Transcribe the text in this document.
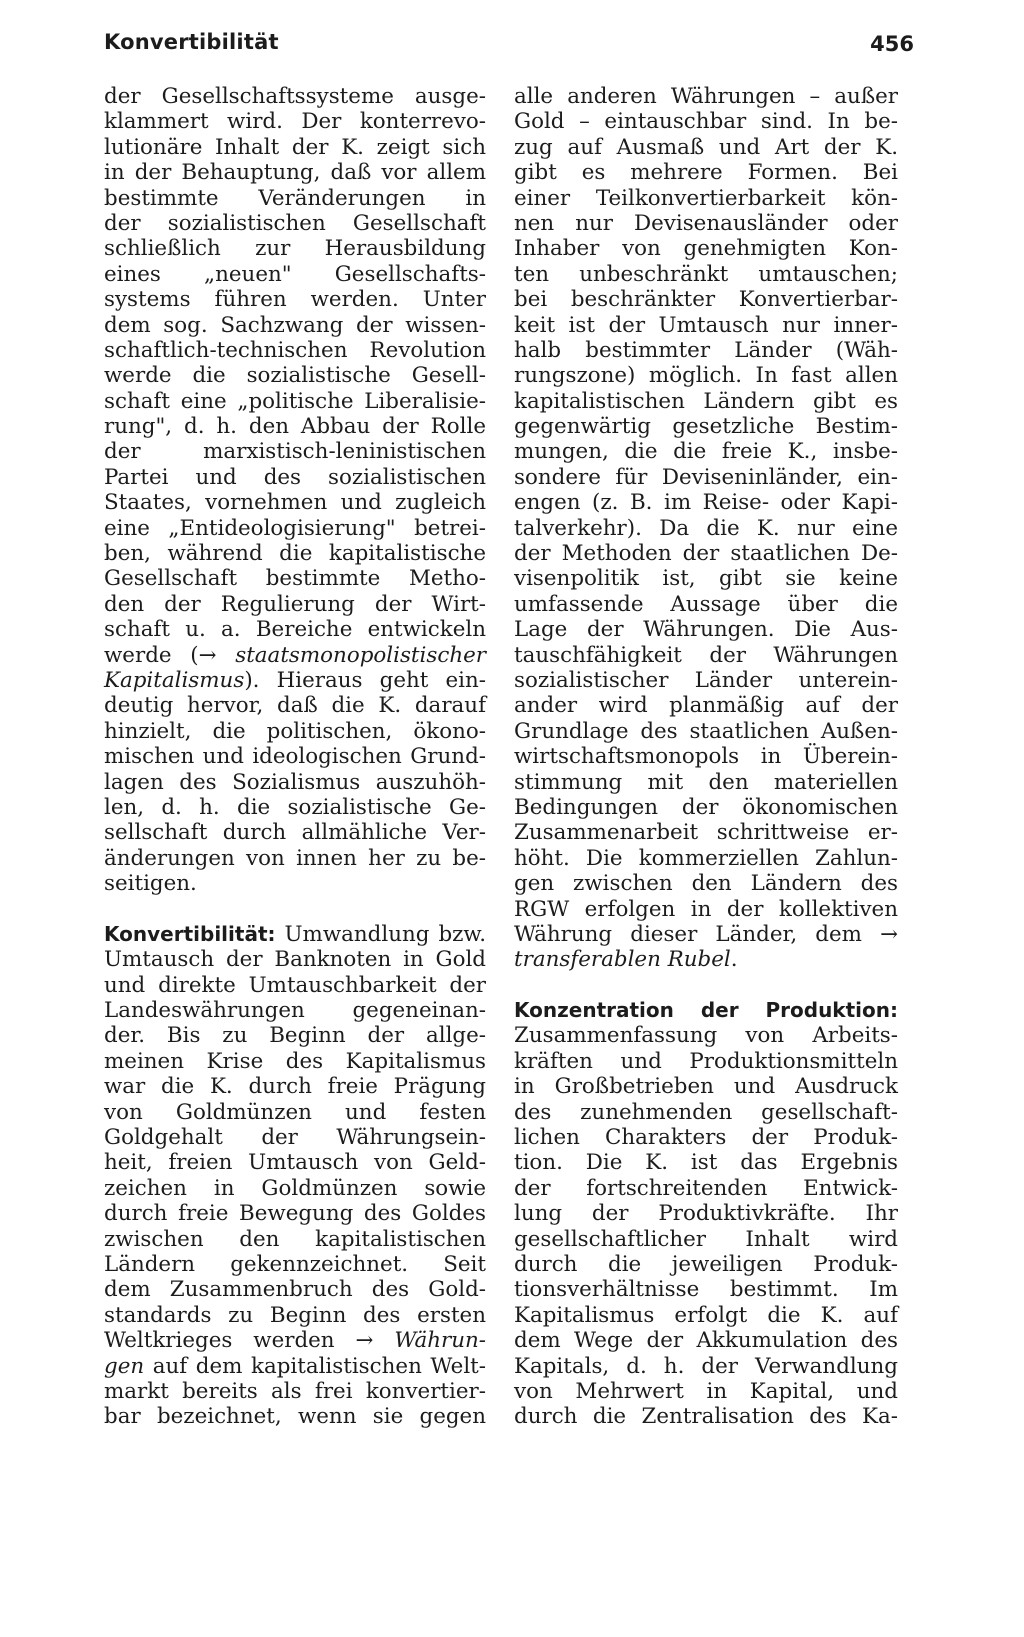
Konvertibilität	456
der Gesellschaftssysteme ausge-
klammert wird. Der konterrevo-
lutionäre Inhalt der K. zeigt sich
in der Behauptung, daß vor allem
bestimmte Veränderungen in
der sozialistischen Gesellschaft
schließlich zur Herausbildung
eines „neuen" Gesellschafts-
systems führen werden. Unter
dem sog. Sachzwang der wissen-
schaftlich-technischen Revolution
werde die sozialistische Gesell-
schaft eine „politische Liberalisie-
rung", d. h. den Abbau der Rolle
der marxistisch-leninistischen
Partei und des sozialistischen
Staates, vornehmen und zugleich
eine „Entideologisierung" betrei-
ben, während die kapitalistische
Gesellschaft bestimmte Metho-
den der Regulierung der Wirt-
schaft u. a. Bereiche entwickeln
werde (→ staatsmonopolistischer
Kapitalismus). Hieraus geht ein-
deutig hervor, daß die K. darauf
hinzielt, die politischen, ökono-
mischen und ideologischen Grund-
lagen des Sozialismus auszuhöh-
len, d. h. die sozialistische Ge-
sellschaft durch allmähliche Ver-
änderungen von innen her zu be-
seitigen.
Konvertibilität: Umwandlung bzw.
Umtausch der Banknoten in Gold
und direkte Umtauschbarkeit der
Landeswährungen gegeneinan-
der. Bis zu Beginn der allge-
meinen Krise des Kapitalismus
war die K. durch freie Prägung
von Goldmünzen und festen
Goldgehalt der Währungsein-
heit, freien Umtausch von Geld-
zeichen in Goldmünzen sowie
durch freie Bewegung des Goldes
zwischen den kapitalistischen
Ländern gekennzeichnet. Seit
dem Zusammenbruch des Gold-
standards zu Beginn des ersten
Weltkrieges werden → Währun-
gen auf dem kapitalistischen Welt-
markt bereits als frei konvertier-
bar bezeichnet, wenn sie gegen
alle anderen Währungen – außer
Gold – eintauschbar sind. In be-
zug auf Ausmaß und Art der K.
gibt es mehrere Formen. Bei
einer Teilkonvertierbarkeit kön-
nen nur Devisenausländer oder
Inhaber von genehmigten Kon-
ten unbeschränkt umtauschen;
bei beschränkter Konvertierbar-
keit ist der Umtausch nur inner-
halb bestimmter Länder (Wäh-
rungszone) möglich. In fast allen
kapitalistischen Ländern gibt es
gegenwärtig gesetzliche Bestim-
mungen, die die freie K., insbe-
sondere für Deviseninländer, ein-
engen (z. B. im Reise- oder Kapi-
talverkehr). Da die K. nur eine
der Methoden der staatlichen De-
visenpolitik ist, gibt sie keine
umfassende Aussage über die
Lage der Währungen. Die Aus-
tauschfähigkeit der Währungen
sozialistischer Länder unterein-
ander wird planmäßig auf der
Grundlage des staatlichen Außen-
wirtschaftsmonopols in Überein-
stimmung mit den materiellen
Bedingungen der ökonomischen
Zusammenarbeit schrittweise er-
höht. Die kommerziellen Zahlun-
gen zwischen den Ländern des
RGW erfolgen in der kollektiven
Währung dieser Länder, dem →
transferablen Rubel.
Konzentration der Produktion:
Zusammenfassung von Arbeits-
kräften und Produktionsmitteln
in Großbetrieben und Ausdruck
des zunehmenden gesellschaft-
lichen Charakters der Produk-
tion. Die K. ist das Ergebnis
der fortschreitenden Entwick-
lung der Produktivkräfte. Ihr
gesellschaftlicher Inhalt wird
durch die jeweiligen Produk-
tionsverhältnisse bestimmt. Im
Kapitalismus erfolgt die K. auf
dem Wege der Akkumulation des
Kapitals, d. h. der Verwandlung
von Mehrwert in Kapital, und
durch die Zentralisation des Ka-
